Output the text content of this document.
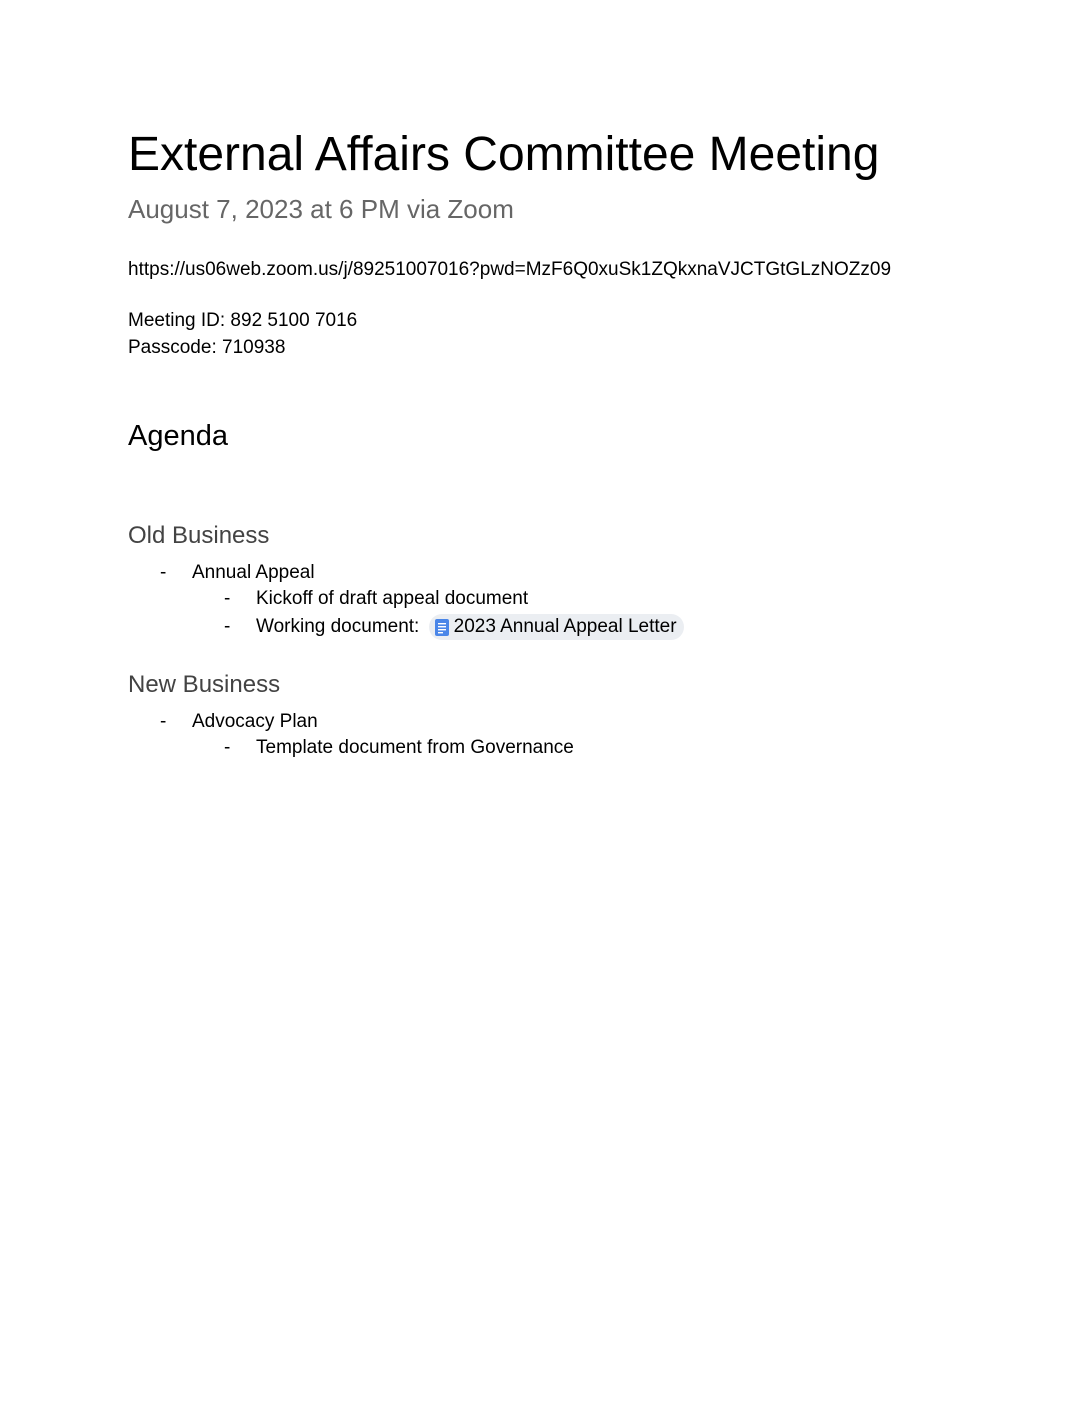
External Affairs Committee Meeting
August 7, 2023 at 6 PM via Zoom
https://us06web.zoom.us/j/89251007016?pwd=MzF6Q0xuSk1ZQkxnaVJCTGtGLzNOZz09
Meeting ID: 892 5100 7016
Passcode: 710938
Agenda
Old Business
- Annual Appeal
- Kickoff of draft appeal document
- Working document: 2023 Annual Appeal Letter
New Business
- Advocacy Plan
- Template document from Governance
